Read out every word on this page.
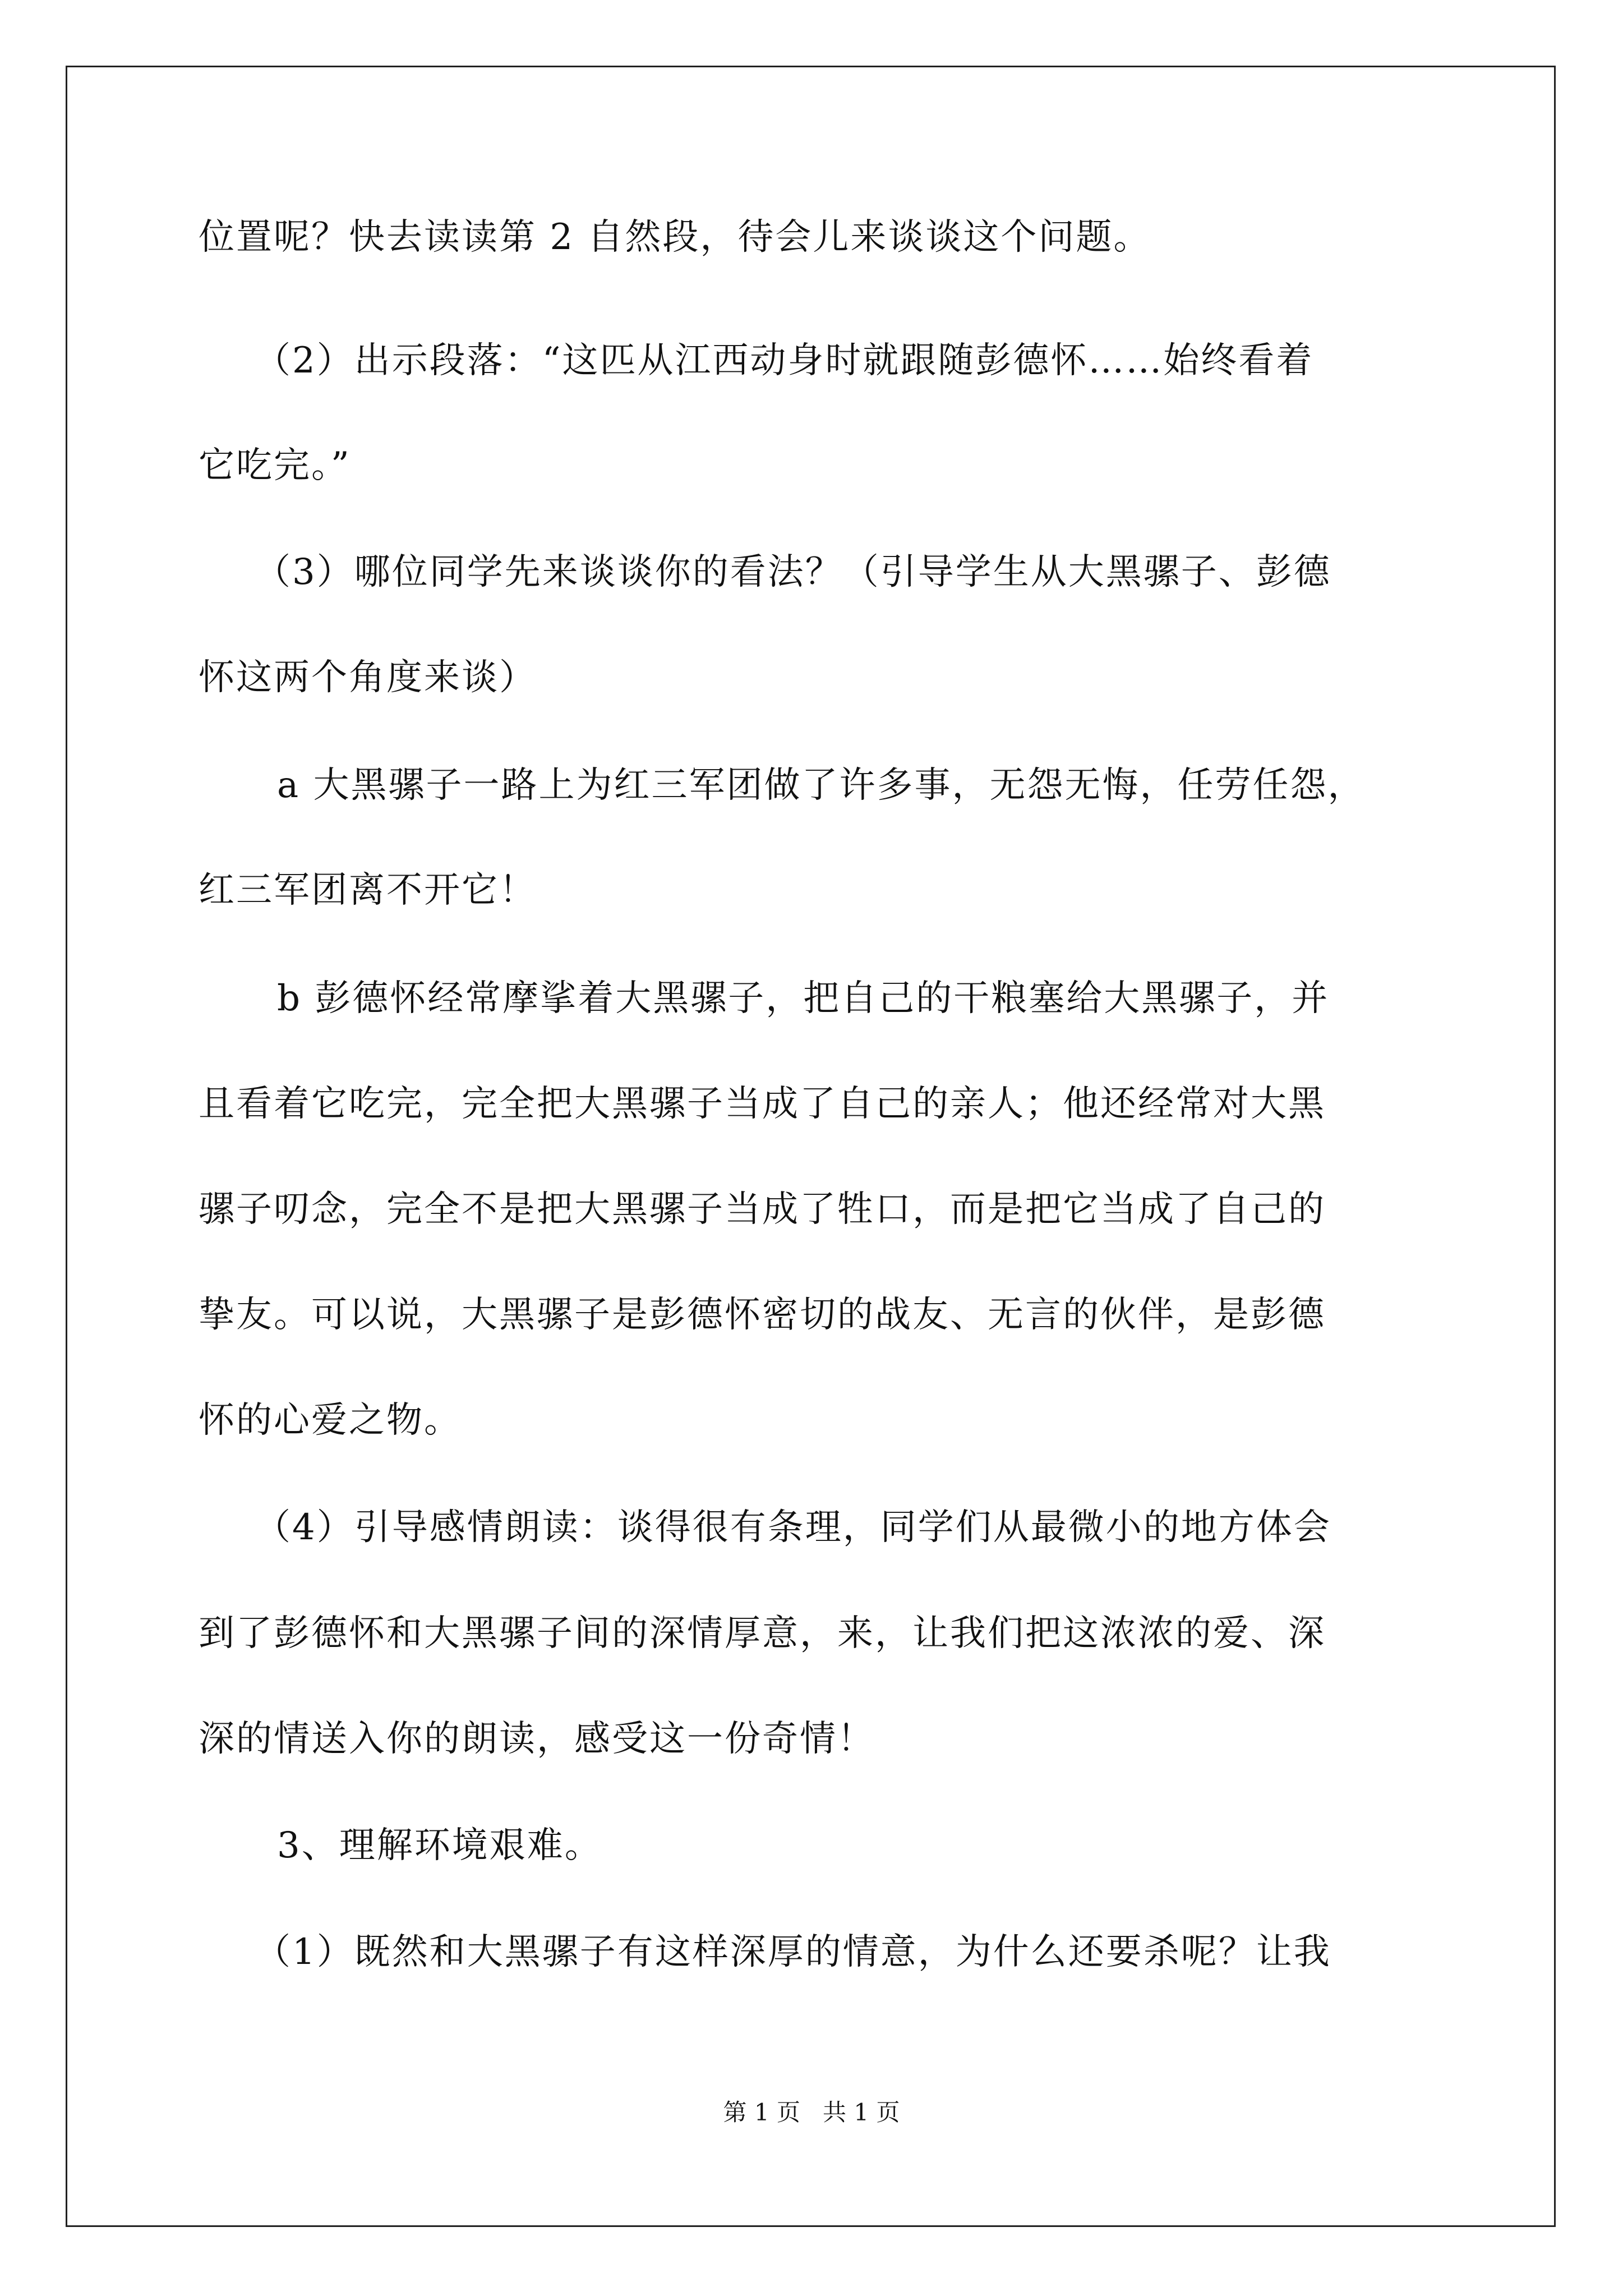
位置呢？快去读读第 2 自然段，待会儿来谈谈这个问题。
（2）出示段落：“这匹从江西动身时就跟随彭德怀……始终看着
它吃完。”
（3）哪位同学先来谈谈你的看法？（引导学生从大黑骡子、彭德
怀这两个角度来谈）
a 大黑骡子一路上为红三军团做了许多事，无怨无悔，任劳任怨，
红三军团离不开它！
b 彭德怀经常摩挲着大黑骡子，把自己的干粮塞给大黑骡子，并
且看着它吃完，完全把大黑骡子当成了自己的亲人；他还经常对大黑
骡子叨念，完全不是把大黑骡子当成了牲口，而是把它当成了自己的
挚友。可以说，大黑骡子是彭德怀密切的战友、无言的伙伴，是彭德
怀的心爱之物。
（4）引导感情朗读：谈得很有条理，同学们从最微小的地方体会
到了彭德怀和大黑骡子间的深情厚意，来，让我们把这浓浓的爱、深
深的情送入你的朗读，感受这一份奇情！
3、理解环境艰难。
（1）既然和大黑骡子有这样深厚的情意，为什么还要杀呢？让我
第 1 页   共 1 页
